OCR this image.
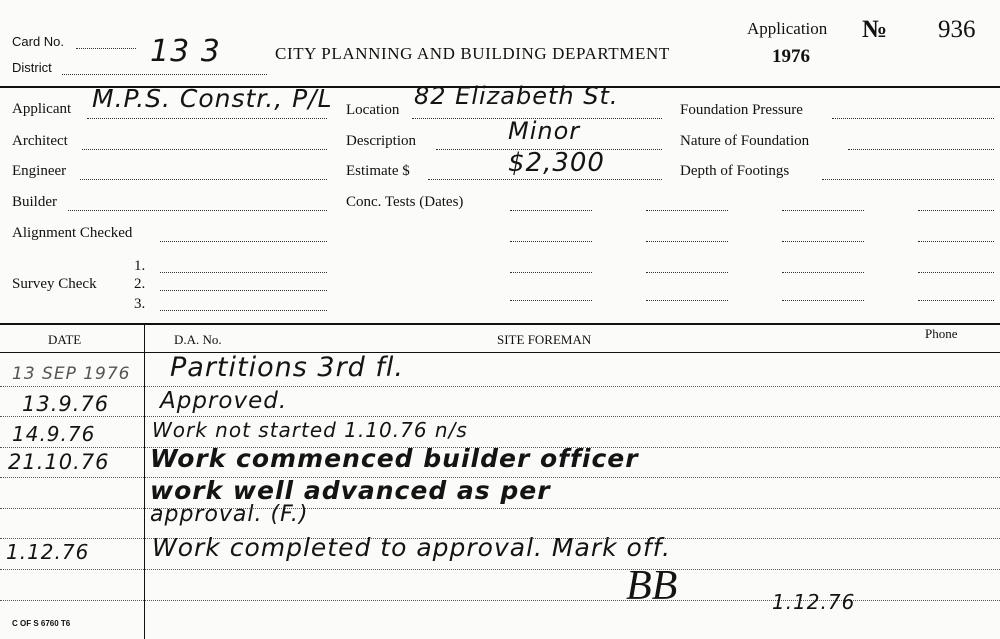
Card No.
District	13 3	CITY PLANNING AND BUILDING DEPARTMENT
Application
1976
№ 936
Applicant M.P.S. Constr., P/L
Architect
Engineer
Builder
Alignment Checked
Survey Check
1.
2.
3.
Location 82 Elizabeth St.
Description	Minor
Estimate $	$2,300
Conc. Tests (Dates)
Foundation Pressure
Nature of Foundation
Depth of Footings
DATE	D.A. No.	SITE FOREMAN	Phone
13 SEP 1976 Partitions 3rd fl.
13.9.76 Approved.
14.9.76	Work not started 1.10.76 n/s
21.10.76 Work commenced builder officer
work well advanced as per
approval. (F.)
1.12.76	Work completed to approval. Mark off.
BB	1.12.76
C OF S 6760 T6
